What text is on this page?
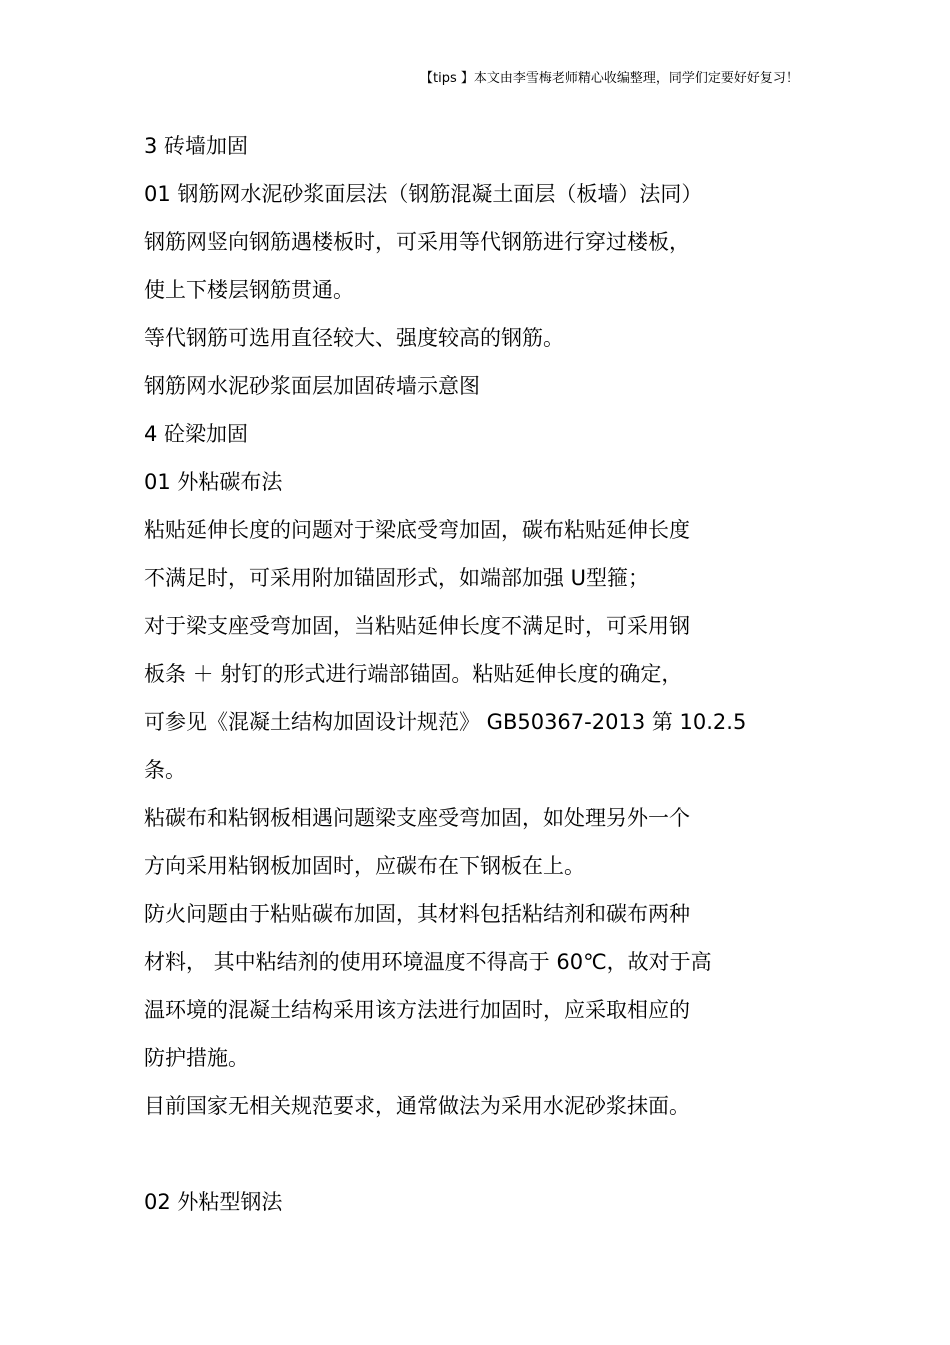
【tips 】本文由李雪梅老师精心收编整理，同学们定要好好复习！
3 砖墙加固
01 钢筋网水泥砂浆面层法（钢筋混凝土面层（板墙）法同）
钢筋网竖向钢筋遇楼板时，可采用等代钢筋进行穿过楼板，
使上下楼层钢筋贯通。
等代钢筋可选用直径较大、强度较高的钢筋。
钢筋网水泥砂浆面层加固砖墙示意图
4 砼梁加固
01 外粘碳布法
粘贴延伸长度的问题对于梁底受弯加固，碳布粘贴延伸长度
不满足时，可采用附加锚固形式，如端部加强 U型箍；
对于梁支座受弯加固，当粘贴延伸长度不满足时，可采用钢
板条 ＋ 射钉的形式进行端部锚固。粘贴延伸长度的确定，
可参见《混凝土结构加固设计规范》 GB50367-2013 第 10.2.5
条。
粘碳布和粘钢板相遇问题梁支座受弯加固，如处理另外一个
方向采用粘钢板加固时，应碳布在下钢板在上。
防火问题由于粘贴碳布加固，其材料包括粘结剂和碳布两种
材料， 其中粘结剂的使用环境温度不得高于 60℃，故对于高
温环境的混凝土结构采用该方法进行加固时，应采取相应的
防护措施。
目前国家无相关规范要求，通常做法为采用水泥砂浆抹面。
02 外粘型钢法
